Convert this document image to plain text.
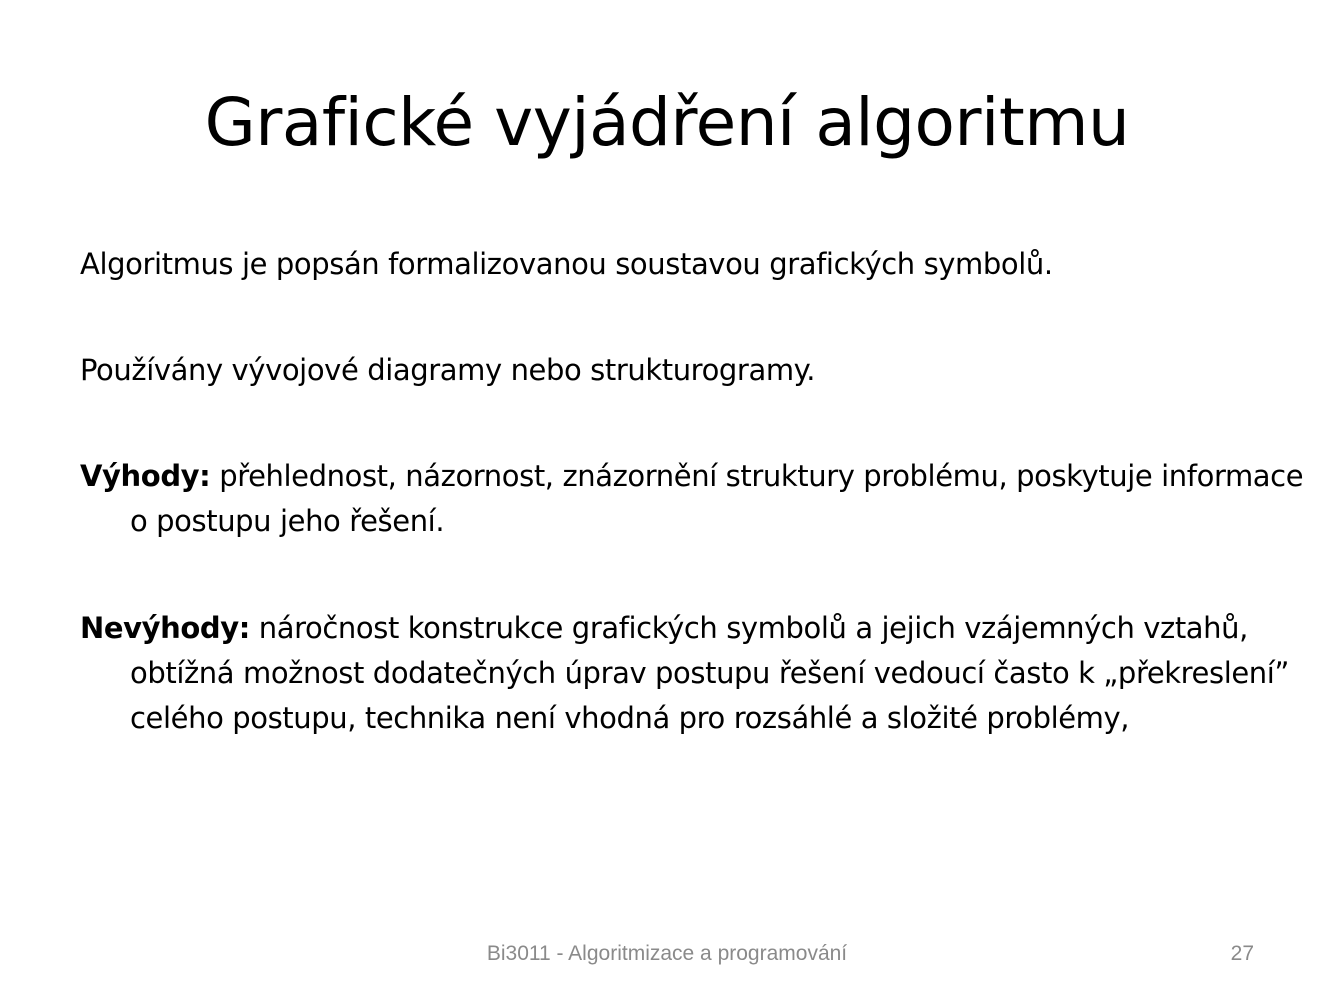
Grafické vyjádření algoritmu

Algoritmus je popsán formalizovanou soustavou grafických symbolů.

Používány vývojové diagramy nebo strukturogramy.

Výhody: přehlednost, názornost, znázornění struktury problému, poskytuje informace o postupu jeho řešení.

Nevýhody: náročnost konstrukce grafických symbolů a jejich vzájemných vztahů, obtížná možnost dodatečných úprav postupu řešení vedoucí často k „překreslení” celého postupu, technika není vhodná pro rozsáhlé a složité problémy,

Bi3011 - Algoritmizace a programování	27
